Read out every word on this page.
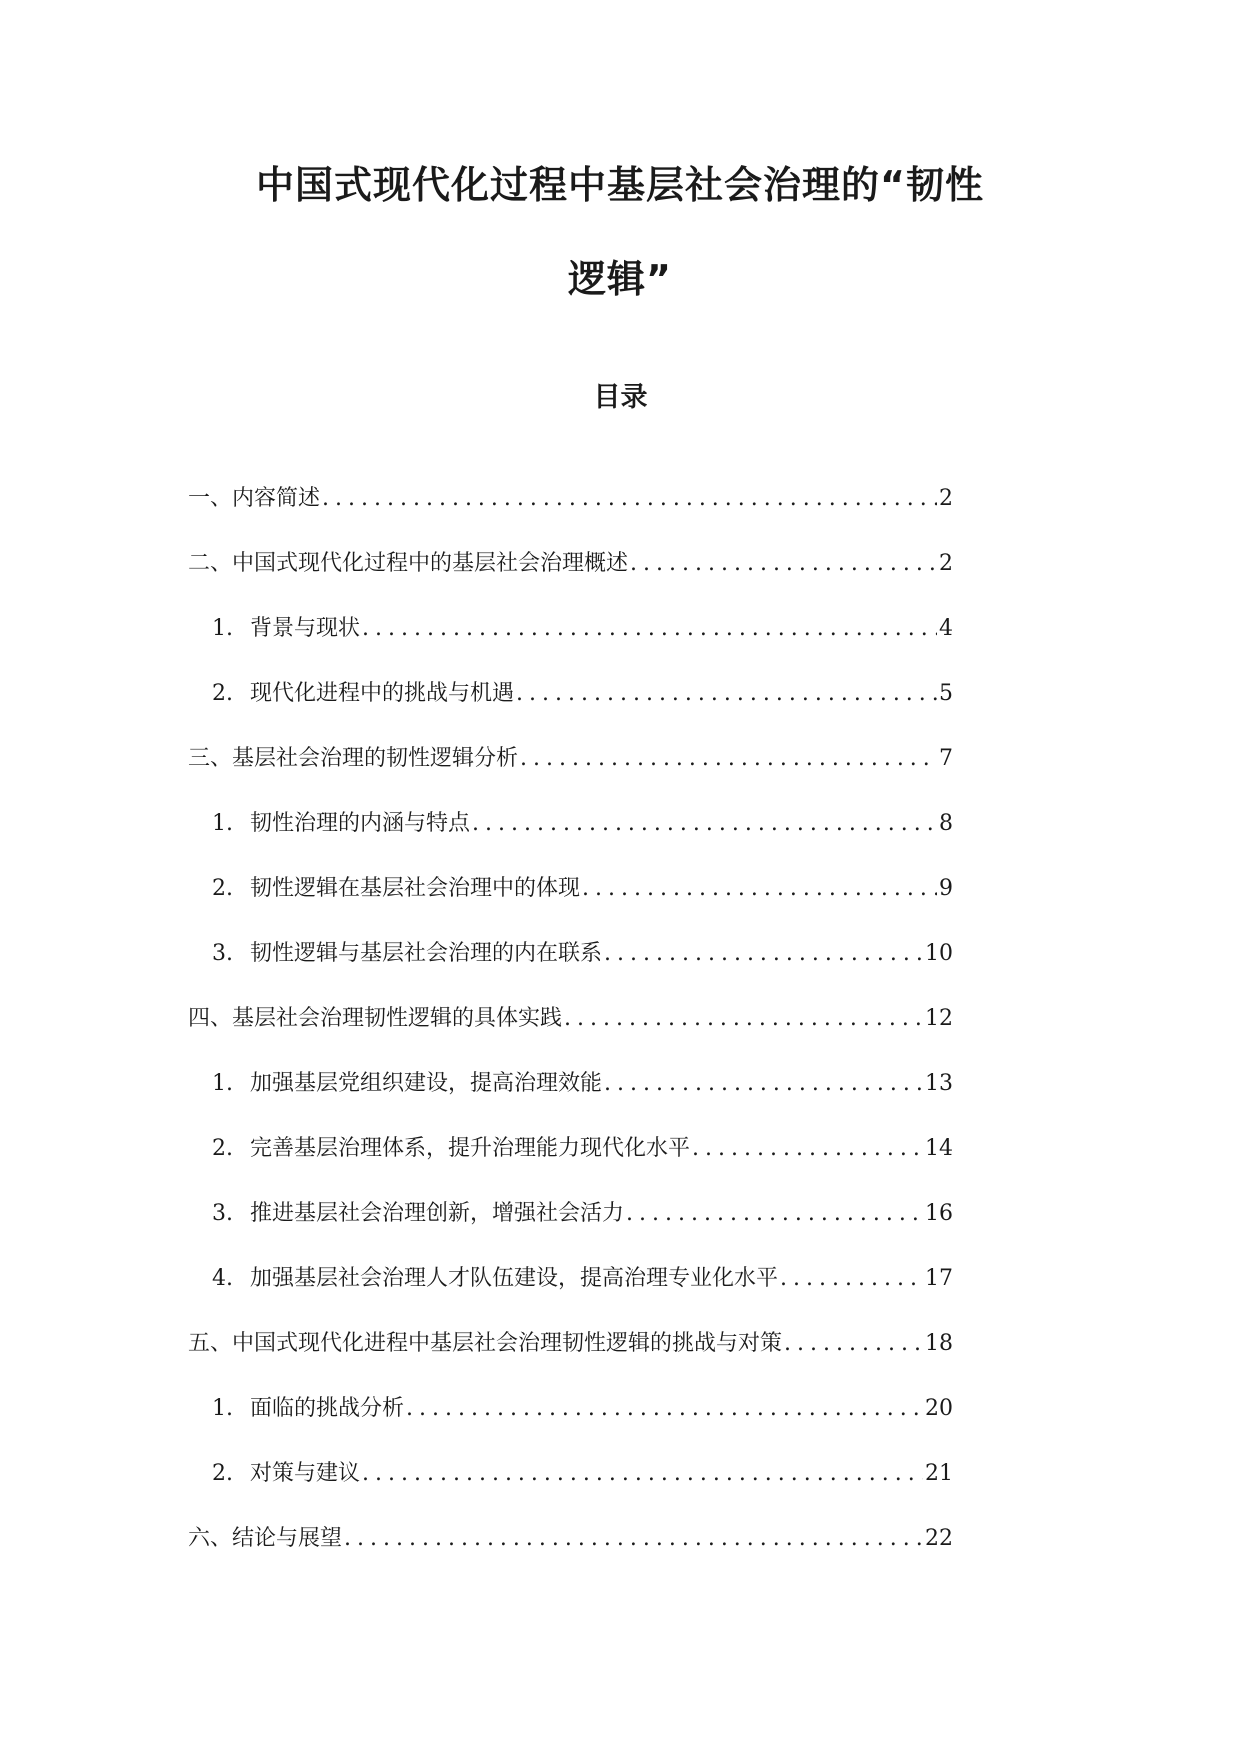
中国式现代化过程中基层社会治理的“韧性逻辑”
目录
一、内容简述 .....	2
二、中国式现代化过程中的基层社会治理概述 .....	2
1. 背景与现状 .....	4
2. 现代化进程中的挑战与机遇 .....	5
三、基层社会治理的韧性逻辑分析 .....	7
1. 韧性治理的内涵与特点 .....	8
2. 韧性逻辑在基层社会治理中的体现 .....	9
3. 韧性逻辑与基层社会治理的内在联系 .....	10
四、基层社会治理韧性逻辑的具体实践 .....	12
1. 加强基层党组织建设，提高治理效能 .....	13
2. 完善基层治理体系，提升治理能力现代化水平 .....	14
3. 推进基层社会治理创新，增强社会活力 .....	16
4. 加强基层社会治理人才队伍建设，提高治理专业化水平 .....	17
五、中国式现代化进程中基层社会治理韧性逻辑的挑战与对策 .....	18
1. 面临的挑战分析 .....	20
2. 对策与建议 .....	21
六、结论与展望 .....	22
